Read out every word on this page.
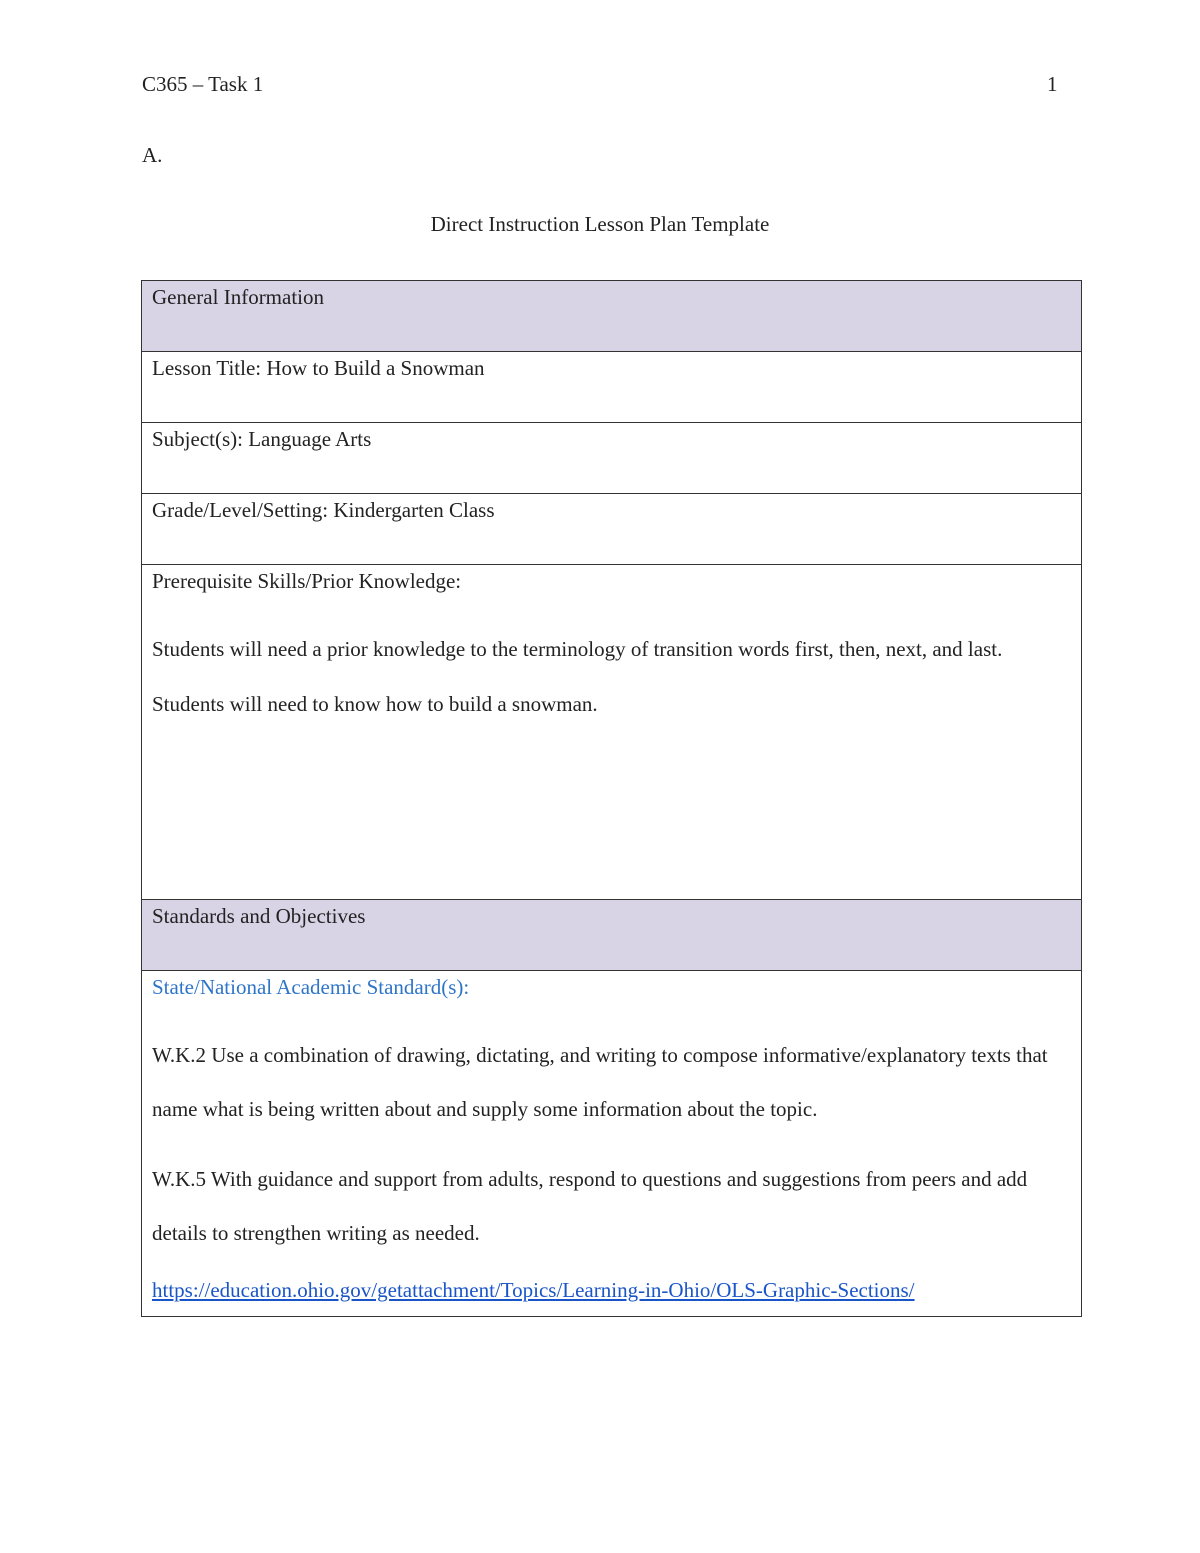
C365 – Task 1	1
A.
Direct Instruction Lesson Plan Template
General Information
Lesson Title: How to Build a Snowman
Subject(s): Language Arts
Grade/Level/Setting: Kindergarten Class

Prerequisite Skills/Prior Knowledge:

Students will need a prior knowledge to the terminology of transition words first, then, next, and last.

Students will need to know how to build a snowman.

Standards and Objectives

State/National Academic Standard(s):

W.K.2 Use a combination of drawing, dictating, and writing to compose informative/explanatory texts that name what is being written about and supply some information about the topic.

W.K.5 With guidance and support from adults, respond to questions and suggestions from peers and add details to strengthen writing as needed.

https://education.ohio.gov/getattachment/Topics/Learning-in-Ohio/OLS-Graphic-Sections/
